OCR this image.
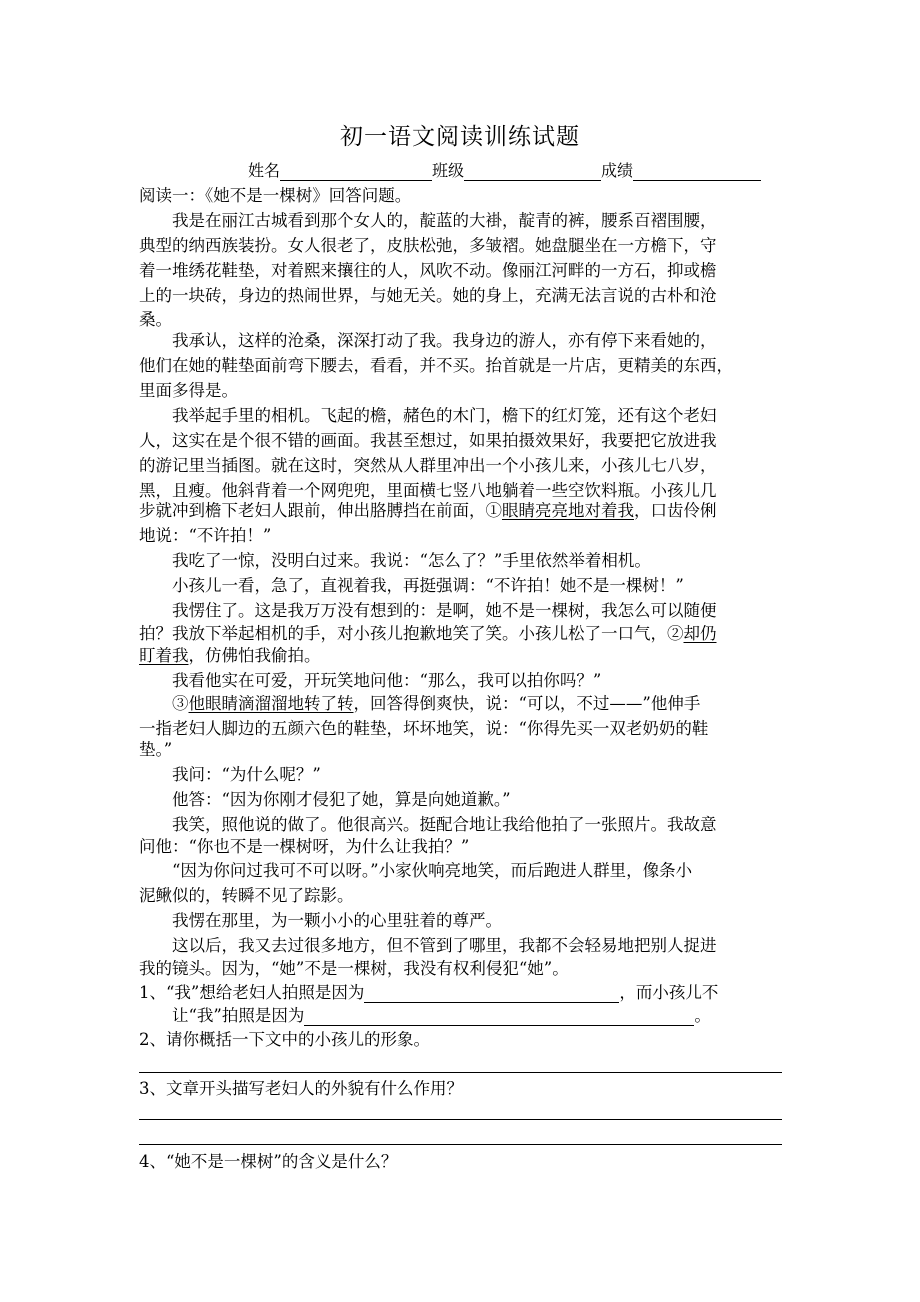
初一语文阅读训练试题
姓名	班级	成绩
阅读一：《她不是一棵树》回答问题。
我是在丽江古城看到那个女人的，靛蓝的大褂，靛青的裤，腰系百褶围腰，
典型的纳西族装扮。女人很老了，皮肤松弛，多皱褶。她盘腿坐在一方檐下，守
着一堆绣花鞋垫，对着熙来攘往的人，风吹不动。像丽江河畔的一方石，抑或檐
上的一块砖，身边的热闹世界，与她无关。她的身上，充满无法言说的古朴和沧
桑。
我承认，这样的沧桑，深深打动了我。我身边的游人，亦有停下来看她的，
他们在她的鞋垫面前弯下腰去，看看，并不买。抬首就是一片店，更精美的东西，
里面多得是。
我举起手里的相机。飞起的檐，赭色的木门，檐下的红灯笼，还有这个老妇
人，这实在是个很不错的画面。我甚至想过，如果拍摄效果好，我要把它放进我
的游记里当插图。就在这时，突然从人群里冲出一个小孩儿来，小孩儿七八岁，
黑，且瘦。他斜背着一个网兜兜，里面横七竖八地躺着一些空饮料瓶。小孩儿几
步就冲到檐下老妇人跟前，伸出胳膊挡在前面，①眼睛亮亮地对着我，口齿伶俐
地说：“不许拍！”
我吃了一惊，没明白过来。我说：“怎么了？”手里依然举着相机。
小孩儿一看，急了，直视着我，再挺强调：“不许拍！她不是一棵树！”
我愣住了。这是我万万没有想到的：是啊，她不是一棵树，我怎么可以随便
拍？我放下举起相机的手，对小孩儿抱歉地笑了笑。小孩儿松了一口气，②却仍
盯着我，仿佛怕我偷拍。
我看他实在可爱，开玩笑地问他：“那么，我可以拍你吗？”
③他眼睛滴溜溜地转了转，回答得倒爽快，说：“可以，不过——”他伸手
一指老妇人脚边的五颜六色的鞋垫，坏坏地笑，说：“你得先买一双老奶奶的鞋
垫。”
我问：“为什么呢？”
他答：“因为你刚才侵犯了她，算是向她道歉。”
我笑，照他说的做了。他很高兴。挺配合地让我给他拍了一张照片。我故意
问他：“你也不是一棵树呀，为什么让我拍？”
“因为你问过我可不可以呀。”小家伙响亮地笑，而后跑进人群里，像条小
泥鳅似的，转瞬不见了踪影。
我愣在那里，为一颗小小的心里驻着的尊严。
这以后，我又去过很多地方，但不管到了哪里，我都不会轻易地把别人捉进
我的镜头。因为，“她”不是一棵树，我没有权利侵犯“她”。
1、“我”想给老妇人拍照是因为	，而小孩儿不
让“我”拍照是因为	。
2、请你概括一下文中的小孩儿的形象。
3、文章开头描写老妇人的外貌有什么作用？
4、“她不是一棵树”的含义是什么？
